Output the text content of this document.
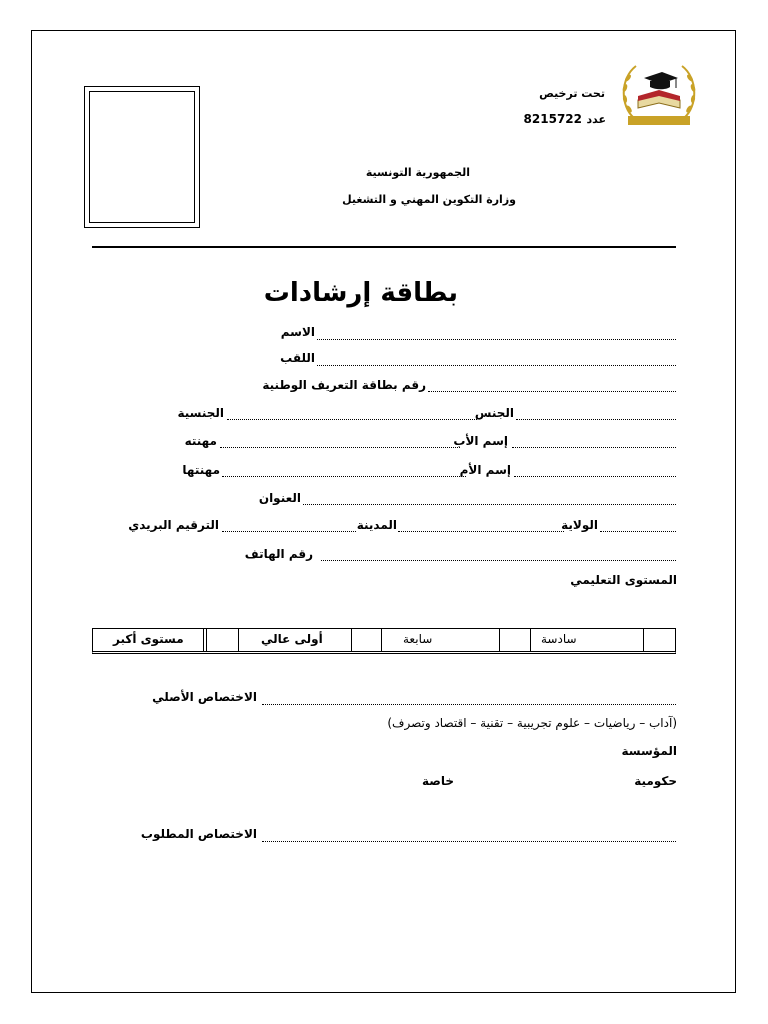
تحت ترخيص
عدد
8215722
الجمهورية التونسية
وزارة التكوين المهني و التشغيل
بطاقة إرشادات
الاسم
اللقب
رقم بطاقة التعريف الوطنية
الجنس
الجنسية
إسم الأب
مهنته
إسم الأم
مهنتها
العنوان
الولاية
المدينة
الترقيم البريدي
رقم الهاتف
المستوى التعليمي
سادسة
سابعة
أولى عالي
مستوى أكبر
الاختصاص الأصلي
(آداب – رياضيات – علوم تجريبية – تقنية – اقتصاد وتصرف)
المؤسسة
حكومية
خاصة
الاختصاص المطلوب
